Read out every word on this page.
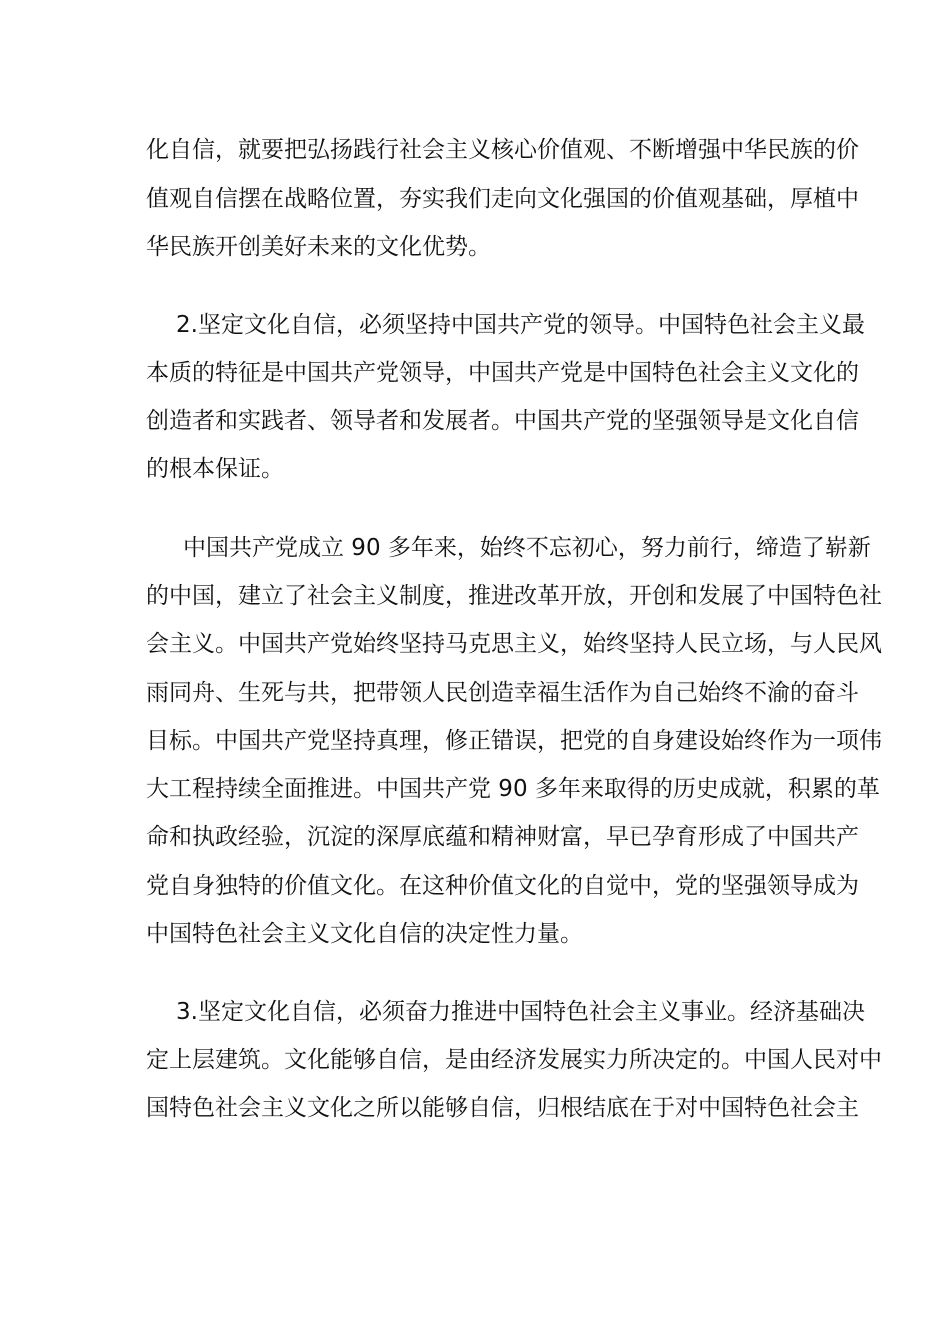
化自信，就要把弘扬践行社会主义核心价值观、不断增强中华民族的价
值观自信摆在战略位置，夯实我们走向文化强国的价值观基础，厚植中
华民族开创美好未来的文化优势。
2.坚定文化自信，必须坚持中国共产党的领导。中国特色社会主义最
本质的特征是中国共产党领导，中国共产党是中国特色社会主义文化的
创造者和实践者、领导者和发展者。中国共产党的坚强领导是文化自信
的根本保证。
中国共产党成立 90 多年来，始终不忘初心，努力前行，缔造了崭新
的中国，建立了社会主义制度，推进改革开放，开创和发展了中国特色社
会主义。中国共产党始终坚持马克思主义，始终坚持人民立场，与人民风
雨同舟、生死与共，把带领人民创造幸福生活作为自己始终不渝的奋斗
目标。中国共产党坚持真理，修正错误，把党的自身建设始终作为一项伟
大工程持续全面推进。中国共产党 90 多年来取得的历史成就，积累的革
命和执政经验，沉淀的深厚底蕴和精神财富，早已孕育形成了中国共产
党自身独特的价值文化。在这种价值文化的自觉中，党的坚强领导成为
中国特色社会主义文化自信的决定性力量。
3.坚定文化自信，必须奋力推进中国特色社会主义事业。经济基础决
定上层建筑。文化能够自信，是由经济发展实力所决定的。中国人民对中
国特色社会主义文化之所以能够自信，归根结底在于对中国特色社会主
